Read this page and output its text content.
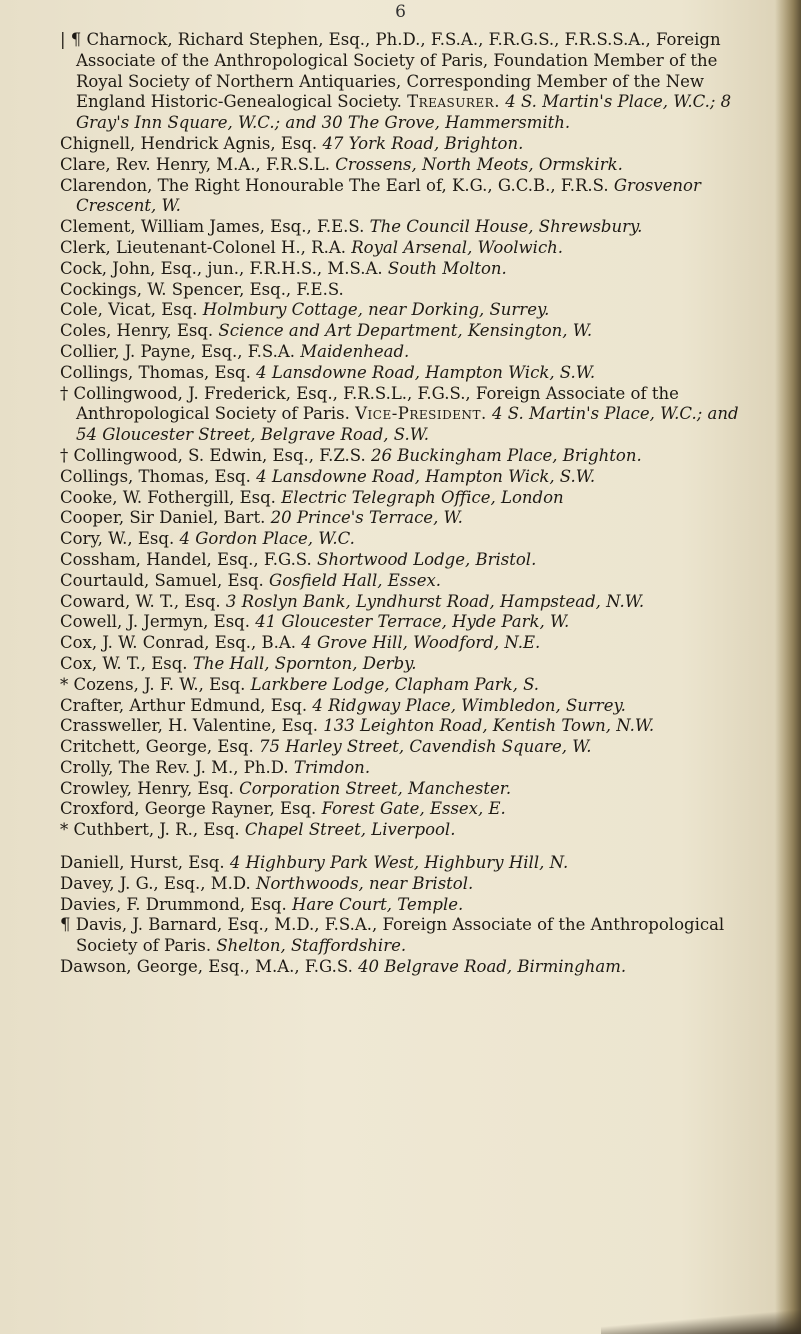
6
| ¶ Charnock, Richard Stephen, Esq., Ph.D., F.S.A., F.R.G.S., F.R.S.S.A., Foreign Associate of the Anthropological Society of Paris, Foundation Member of the Royal Society of Northern Antiquaries, Corresponding Member of the New England Historic-Genealogical Society. Treasurer. 4 S. Martin's Place, W.C.; 8 Gray's Inn Square, W.C.; and 30 The Grove, Hammersmith.
Chignell, Hendrick Agnis, Esq. 47 York Road, Brighton.
Clare, Rev. Henry, M.A., F.R.S.L. Crossens, North Meots, Ormskirk.
Clarendon, The Right Honourable The Earl of, K.G., G.C.B., F.R.S. Grosvenor Crescent, W.
Clement, William James, Esq., F.E.S. The Council House, Shrewsbury.
Clerk, Lieutenant-Colonel H., R.A. Royal Arsenal, Woolwich.
Cock, John, Esq., jun., F.R.H.S., M.S.A. South Molton.
Cockings, W. Spencer, Esq., F.E.S.
Cole, Vicat, Esq. Holmbury Cottage, near Dorking, Surrey.
Coles, Henry, Esq. Science and Art Department, Kensington, W.
Collier, J. Payne, Esq., F.S.A. Maidenhead.
Collings, Thomas, Esq. 4 Lansdowne Road, Hampton Wick, S.W.
† Collingwood, J. Frederick, Esq., F.R.S.L., F.G.S., Foreign Associate of the Anthropological Society of Paris. Vice-President. 4 S. Martin's Place, W.C.; and 54 Gloucester Street, Belgrave Road, S.W.
† Collingwood, S. Edwin, Esq., F.Z.S. 26 Buckingham Place, Brighton.
Collings, Thomas, Esq. 4 Lansdowne Road, Hampton Wick, S.W.
Cooke, W. Fothergill, Esq. Electric Telegraph Office, London
Cooper, Sir Daniel, Bart. 20 Prince's Terrace, W.
Cory, W., Esq. 4 Gordon Place, W.C.
Cossham, Handel, Esq., F.G.S. Shortwood Lodge, Bristol.
Courtauld, Samuel, Esq. Gosfield Hall, Essex.
Coward, W. T., Esq. 3 Roslyn Bank, Lyndhurst Road, Hampstead, N.W.
Cowell, J. Jermyn, Esq. 41 Gloucester Terrace, Hyde Park, W.
Cox, J. W. Conrad, Esq., B.A. 4 Grove Hill, Woodford, N.E.
Cox, W. T., Esq. The Hall, Spornton, Derby.
* Cozens, J. F. W., Esq. Larkbere Lodge, Clapham Park, S.
Crafter, Arthur Edmund, Esq. 4 Ridgway Place, Wimbledon, Surrey.
Crassweller, H. Valentine, Esq. 133 Leighton Road, Kentish Town, N.W.
Critchett, George, Esq. 75 Harley Street, Cavendish Square, W.
Crolly, The Rev. J. M., Ph.D. Trimdon.
Crowley, Henry, Esq. Corporation Street, Manchester.
Croxford, George Rayner, Esq. Forest Gate, Essex, E.
* Cuthbert, J. R., Esq. Chapel Street, Liverpool.
Daniell, Hurst, Esq. 4 Highbury Park West, Highbury Hill, N.
Davey, J. G., Esq., M.D. Northwoods, near Bristol.
Davies, F. Drummond, Esq. Hare Court, Temple.
¶ Davis, J. Barnard, Esq., M.D., F.S.A., Foreign Associate of the Anthropological Society of Paris. Shelton, Staffordshire.
Dawson, George, Esq., M.A., F.G.S. 40 Belgrave Road, Birmingham.
